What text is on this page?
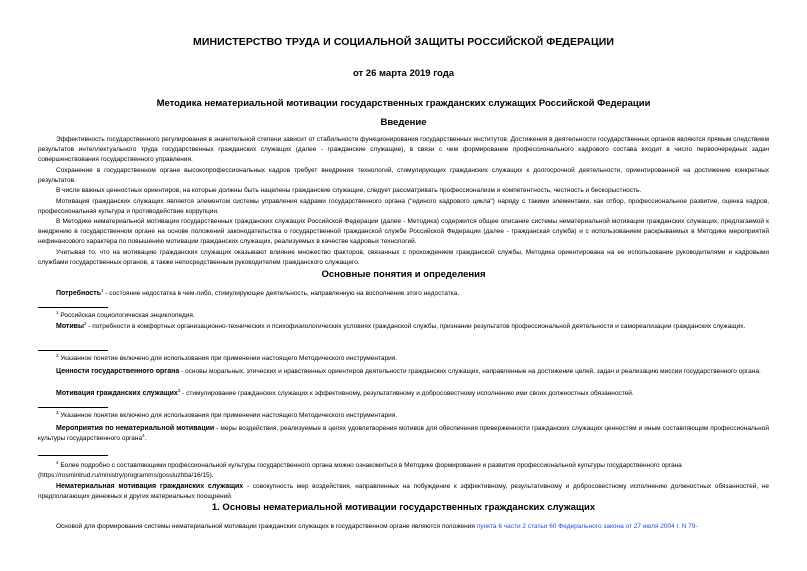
МИНИСТЕРСТВО ТРУДА И СОЦИАЛЬНОЙ ЗАЩИТЫ РОССИЙСКОЙ ФЕДЕРАЦИИ
от 26 марта 2019 года
Методика нематериальной мотивации государственных гражданских служащих Российской Федерации
Введение
Эффективность государственного регулирования в значительной степени зависит от стабильности функционирования государственных институтов. Достижения в деятельности государственных органов являются прямым следствием результатов интеллектуального труда государственных гражданских служащих (далее - гражданские служащие), в связи с чем формирование профессионального кадрового состава входит в число первоочередных задач совершенствования государственного управления.
Сохранение в государственном органе высокопрофессиональных кадров требует внедрения технологий, стимулирующих гражданских служащих к долгосрочной деятельности, ориентированной на достижение конкретных результатов.
В числе важных ценностных ориентиров, на которые должны быть нацелены гражданские служащие, следует рассматривать профессионализм и компетентность, честность и бескорыстность.
Мотивация гражданских служащих является элементом системы управления кадрами государственного органа ("единого кадрового цикла") наряду с такими элементами, как отбор, профессиональное развитие, оценка кадров, профессиональная культура и противодействие коррупции.
В Методике нематериальной мотивации государственных гражданских служащих Российской Федерации (далее - Методика) содержится общее описание системы нематериальной мотивации гражданских служащих, предлагаемой к внедрению в государственном органе на основе положений законодательства о государственной гражданской службе Российской Федерации (далее - гражданская служба) и с использованием раскрываемых в Методике мероприятий нефинансового характера по повышению мотивации гражданских служащих, реализуемых в качестве кадровых технологий.
Учитывая то, что на мотивацию гражданских служащих оказывают влияние множество факторов, связанных с прохождением гражданской службы, Методика ориентирована на ее использование руководителями и кадровыми службами государственных органов, а также непосредственным руководителем гражданского служащего.
Основные понятия и определения
Потребность$^1$ - состояние недостатка в чем-либо, стимулирующее деятельность, направленную на восполнение этого недостатка.
$^1$ Российская социологическая энциклопедия.
Мотивы$^2$ - потребности в комфортных организационно-технических и психофизиологических условиях гражданской службы, признании результатов профессиональной деятельности и самореализации гражданских служащих.
$^2$ Указанное понятие включено для использования при применении настоящего Методического инструментария.
Ценности государственного органа - основы моральных, этических и нравственных ориентиров деятельности гражданских служащих, направленные на достижение целей, задач и реализацию миссии государственного органа.
Мотивация гражданских служащих$^3$ - стимулирование гражданских служащих к эффективному, результативному и добросовестному исполнению ими своих должностных обязанностей.
$^3$ Указанное понятие включено для использования при применении настоящего Методического инструментария.
Мероприятия по нематериальной мотивации - меры воздействия, реализуемые в целях удовлетворения мотивов для обеспечения приверженности гражданских служащих ценностям и иным составляющим профессиональной культуры государственного органа$^4$.
$^4$ Более подробно с составляющими профессиональной культуры государственного органа можно ознакомиться в Методике формирования и развития профессиональной культуры государственного органа (https://rosmintrud.ru/ministry/programms/gossluzhba/16/15).
Нематериальная мотивация гражданских служащих - совокупность мер воздействия, направленных на побуждение к эффективному, результативному и добросовестному исполнению должностных обязанностей, не предполагающих денежных и других материальных поощрений.
1. Основы нематериальной мотивации государственных гражданских служащих
Основой для формирования системы нематериальной мотивации гражданских служащих в государственном органе являются положения пункта 6 части 2 статьи 60 Федерального закона от 27 июля 2004 г. N 79-
